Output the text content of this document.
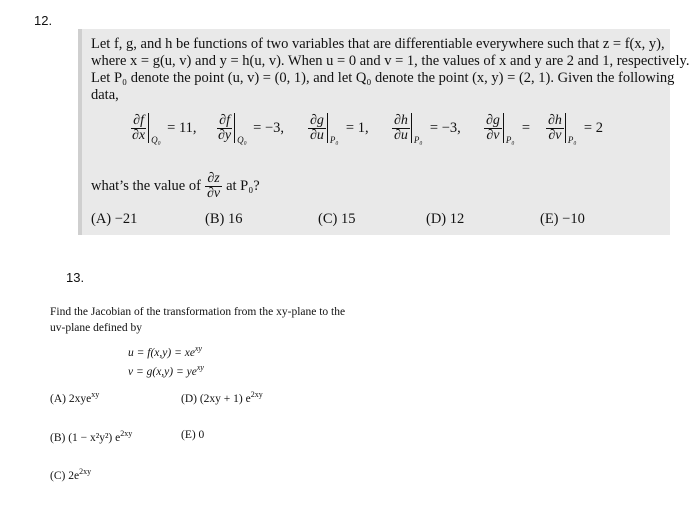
12.
Let f, g, and h be functions of two variables that are differentiable everywhere such that z = f(x, y),
where x = g(u, v) and y = h(u, v). When u = 0 and v = 1, the values of x and y are 2 and 1, respectively.
Let P₀ denote the point (u, v) = (0, 1), and let Q₀ denote the point (x, y) = (2, 1). Given the following
data,
$\frac{\partial f}{\partial x} Q_0$
= 11, $\frac{\partial f}{\partial y} Q_0$
= −3, $\frac{\partial g}{\partial u} P_0$
= 1, $\frac{\partial h}{\partial u} P_0$
= −3, $\frac{\partial g}{\partial v} P_0$
= $\frac{\partial h}{\partial v} P_0$
= 2
what’s the value of $\frac{\partial z}{\partial v}$ at P₀?
(A) −21	(B) 16	(C) 15	(D) 12	(E) −10
13.
Find the Jacobian of the transformation from the xy-plane to the
uv-plane defined by
$u = f(x,y) = xe^{xy}$
$v = g(x,y) = ye^{xy}$
(A) 2xye$^{xy}$	(D) (2xy + 1) $e^{2xy}$
(B) (1 − x²y²) $e^{2xy}$	(E) 0
(C) $2e^{2xy}$
